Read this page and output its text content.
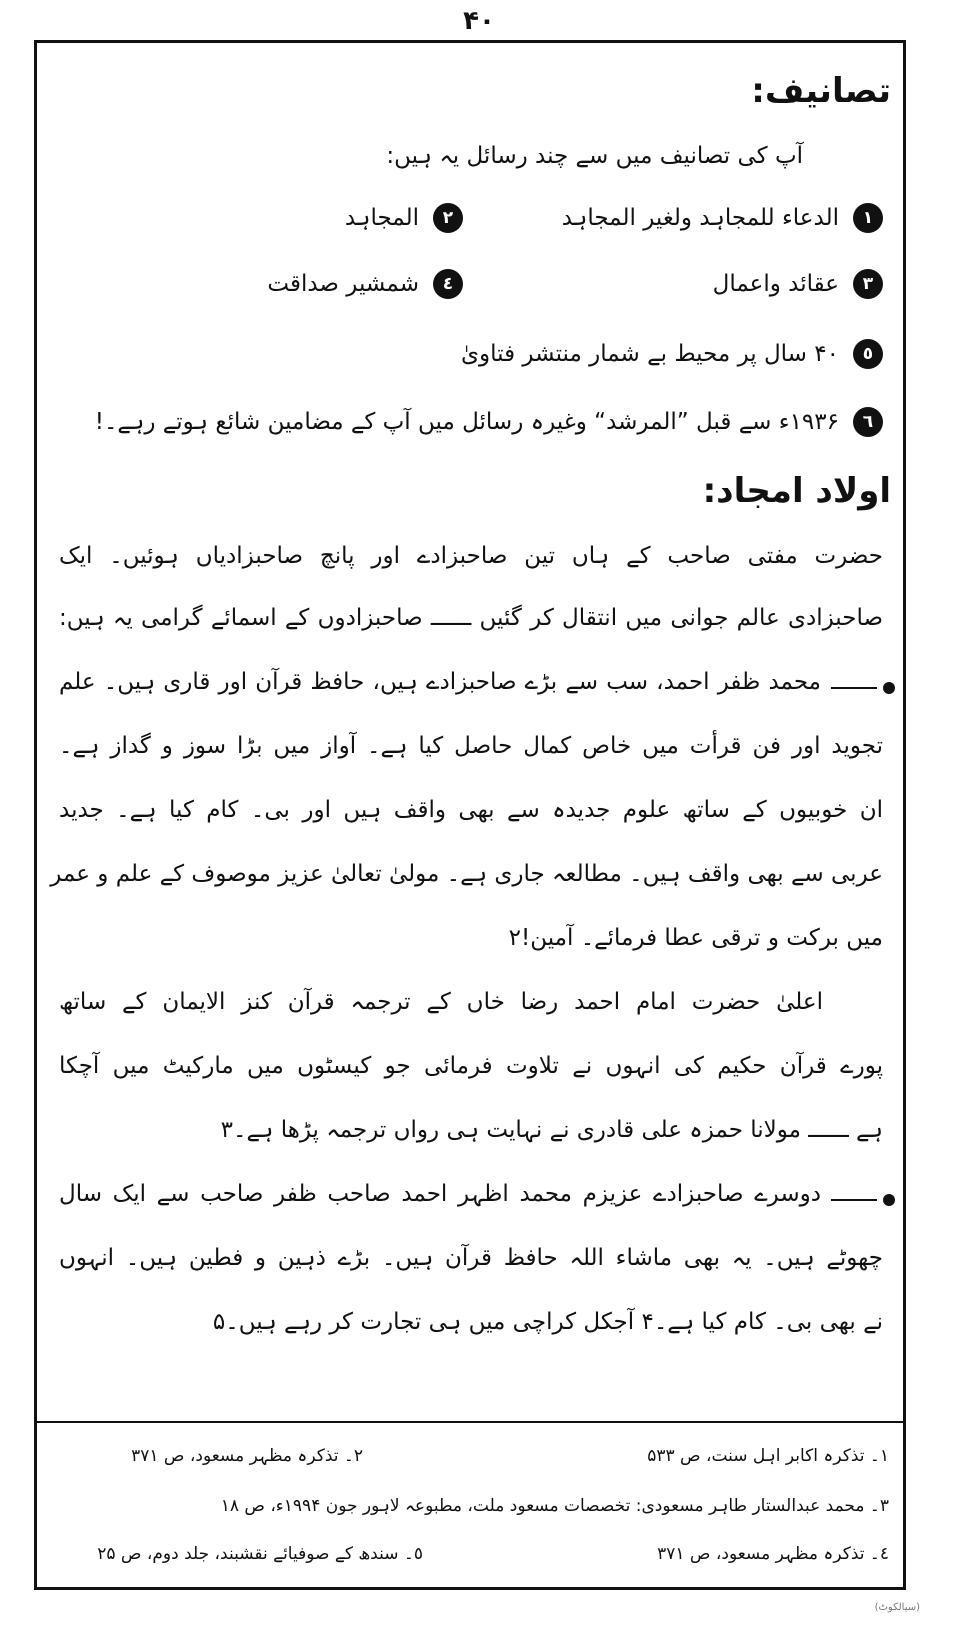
۴۰
تصانیف:
آپ کی تصانیف میں سے چند رسائل یہ ہیں:
١
الدعاء للمجاہد ولغیر المجاہد
٢
المجاہد
٣
عقائد واعمال
٤
شمشیر صداقت
٥
۴۰ سال پر محیط بے شمار منتشر فتاویٰ
٦
۱۹۳۶ء سے قبل ”المرشد“ وغیرہ رسائل میں آپ کے مضامین شائع ہوتے رہے۔!
اولاد امجاد:
حضرت مفتی صاحب کے ہاں تین صاحبزادے اور پانچ صاحبزادیاں ہوئیں۔ ایک
صاحبزادی عالم جوانی میں انتقال کر گئیں ــــــ صاحبزادوں کے اسمائے گرامی یہ ہیں:
محمد ظفر احمد، سب سے بڑے صاحبزادے ہیں، حافظ قرآن اور قاری ہیں۔ علم
تجوید اور فن قرأت میں خاص کمال حاصل کیا ہے۔ آواز میں بڑا سوز و گداز ہے۔
ان خوبیوں کے ساتھ علوم جدیدہ سے بھی واقف ہیں اور بی۔ کام کیا ہے۔ جدید
عربی سے بھی واقف ہیں۔ مطالعہ جاری ہے۔ مولیٰ تعالیٰ عزیز موصوف کے علم و عمر
میں برکت و ترقی عطا فرمائے۔ آمین!۲
اعلیٰ حضرت امام احمد رضا خاں کے ترجمہ قرآن کنز الایمان کے ساتھ
پورے قرآن حکیم کی انہوں نے تلاوت فرمائی جو کیسٹوں میں مارکیٹ میں آچکا
ہے ــــــ مولانا حمزہ علی قادری نے نہایت ہی رواں ترجمہ پڑھا ہے۔۳
دوسرے صاحبزادے عزیزم محمد اظہر احمد صاحب ظفر صاحب سے ایک سال
چھوٹے ہیں۔ یہ بھی ماشاء اللہ حافظ قرآن ہیں۔ بڑے ذہین و فطین ہیں۔ انہوں
نے بھی بی۔ کام کیا ہے۔۴ آجکل کراچی میں ہی تجارت کر رہے ہیں۔۵
١۔ تذکرہ اکابر اہل سنت، ص ۵۳۳
٢۔ تذکرہ مظہر مسعود، ص ۳۷۱
٣۔ محمد عبدالستار طاہر مسعودی: تخصصات مسعود ملت، مطبوعہ لاہور جون ۱۹۹۴ء، ص ۱۸
٤۔ تذکرہ مظہر مسعود، ص ۳۷۱
٥۔ سندھ کے صوفیائے نقشبند، جلد دوم، ص ۲۵
(سیالکوٹ)
